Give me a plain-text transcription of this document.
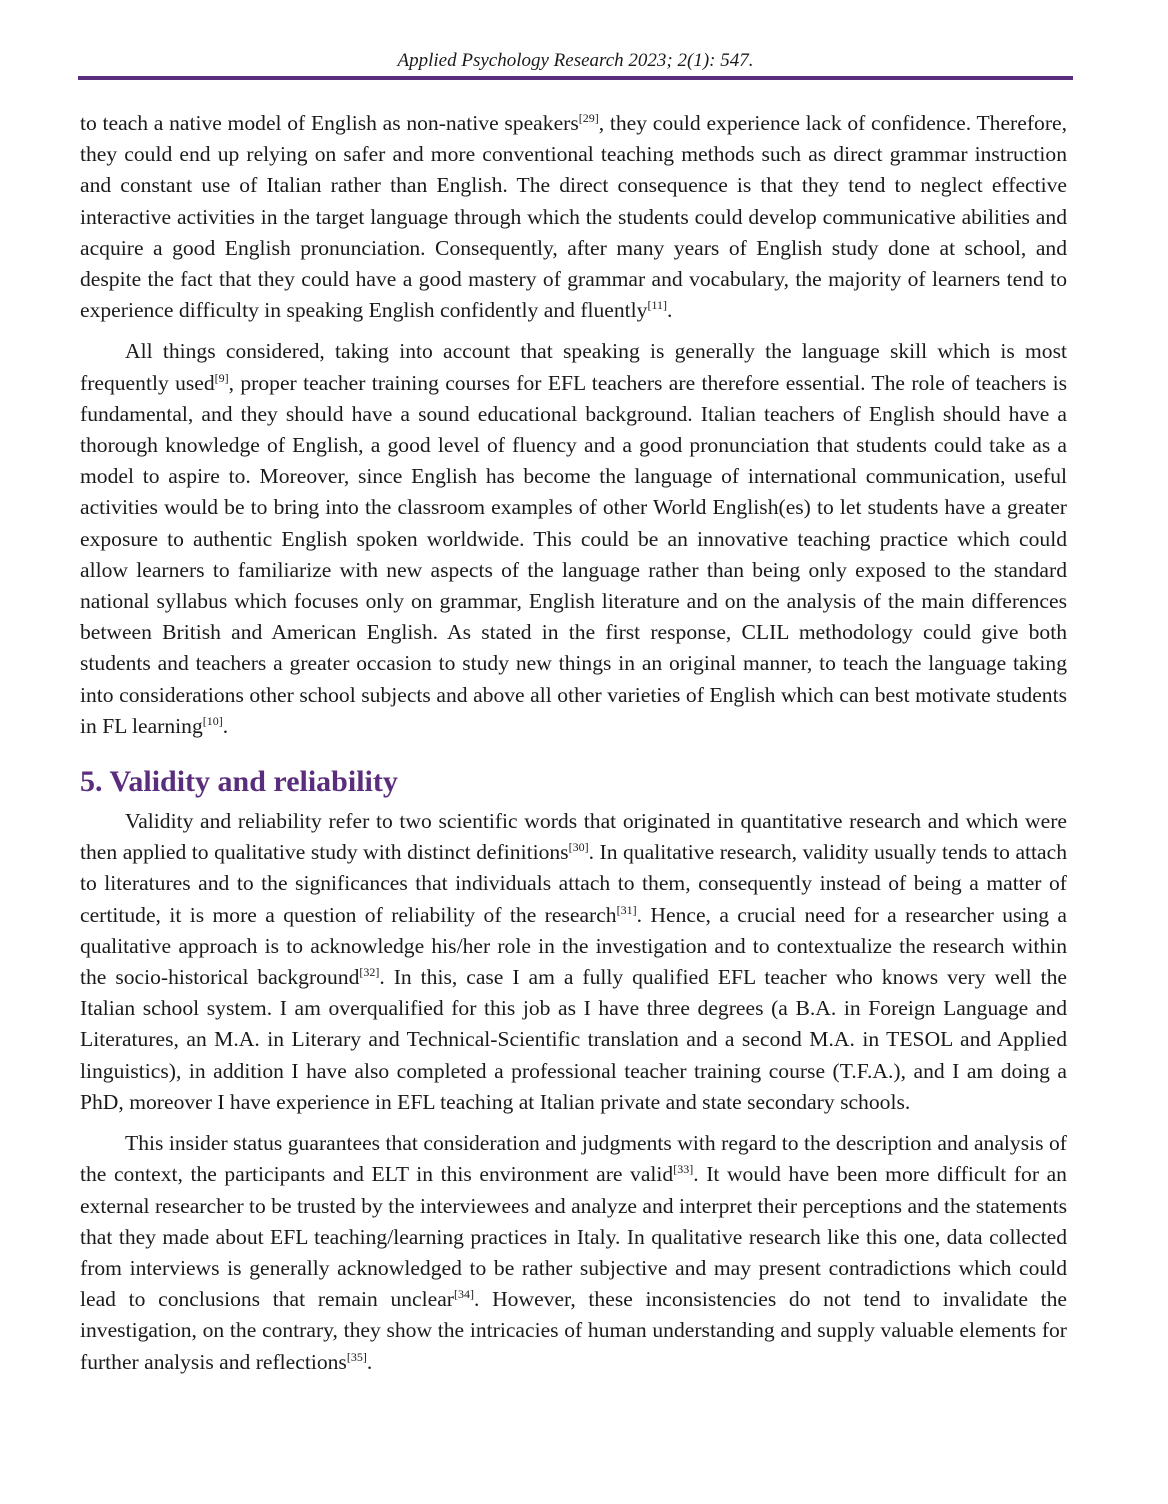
Applied Psychology Research 2023; 2(1): 547.

to teach a native model of English as non-native speakers[29], they could experience lack of confidence. Therefore, they could end up relying on safer and more conventional teaching methods such as direct grammar instruction and constant use of Italian rather than English. The direct consequence is that they tend to neglect effective interactive activities in the target language through which the students could develop communicative abilities and acquire a good English pronunciation. Consequently, after many years of English study done at school, and despite the fact that they could have a good mastery of grammar and vocabulary, the majority of learners tend to experience difficulty in speaking English confidently and fluently[11].

All things considered, taking into account that speaking is generally the language skill which is most frequently used[9], proper teacher training courses for EFL teachers are therefore essential. The role of teachers is fundamental, and they should have a sound educational background. Italian teachers of English should have a thorough knowledge of English, a good level of fluency and a good pronunciation that students could take as a model to aspire to. Moreover, since English has become the language of international communication, useful activities would be to bring into the classroom examples of other World English(es) to let students have a greater exposure to authentic English spoken worldwide. This could be an innovative teaching practice which could allow learners to familiarize with new aspects of the language rather than being only exposed to the standard national syllabus which focuses only on grammar, English literature and on the analysis of the main differences between British and American English. As stated in the first response, CLIL methodology could give both students and teachers a greater occasion to study new things in an original manner, to teach the language taking into considerations other school subjects and above all other varieties of English which can best motivate students in FL learning[10].

5. Validity and reliability

Validity and reliability refer to two scientific words that originated in quantitative research and which were then applied to qualitative study with distinct definitions[30]. In qualitative research, validity usually tends to attach to literatures and to the significances that individuals attach to them, consequently instead of being a matter of certitude, it is more a question of reliability of the research[31]. Hence, a crucial need for a researcher using a qualitative approach is to acknowledge his/her role in the investigation and to contextualize the research within the socio-historical background[32]. In this, case I am a fully qualified EFL teacher who knows very well the Italian school system. I am overqualified for this job as I have three degrees (a B.A. in Foreign Language and Literatures, an M.A. in Literary and Technical-Scientific translation and a second M.A. in TESOL and Applied linguistics), in addition I have also completed a professional teacher training course (T.F.A.), and I am doing a PhD, moreover I have experience in EFL teaching at Italian private and state secondary schools.

This insider status guarantees that consideration and judgments with regard to the description and analysis of the context, the participants and ELT in this environment are valid[33]. It would have been more difficult for an external researcher to be trusted by the interviewees and analyze and interpret their perceptions and the statements that they made about EFL teaching/learning practices in Italy. In qualitative research like this one, data collected from interviews is generally acknowledged to be rather subjective and may present contradictions which could lead to conclusions that remain unclear[34]. However, these inconsistencies do not tend to invalidate the investigation, on the contrary, they show the intricacies of human understanding and supply valuable elements for further analysis and reflections[35].
